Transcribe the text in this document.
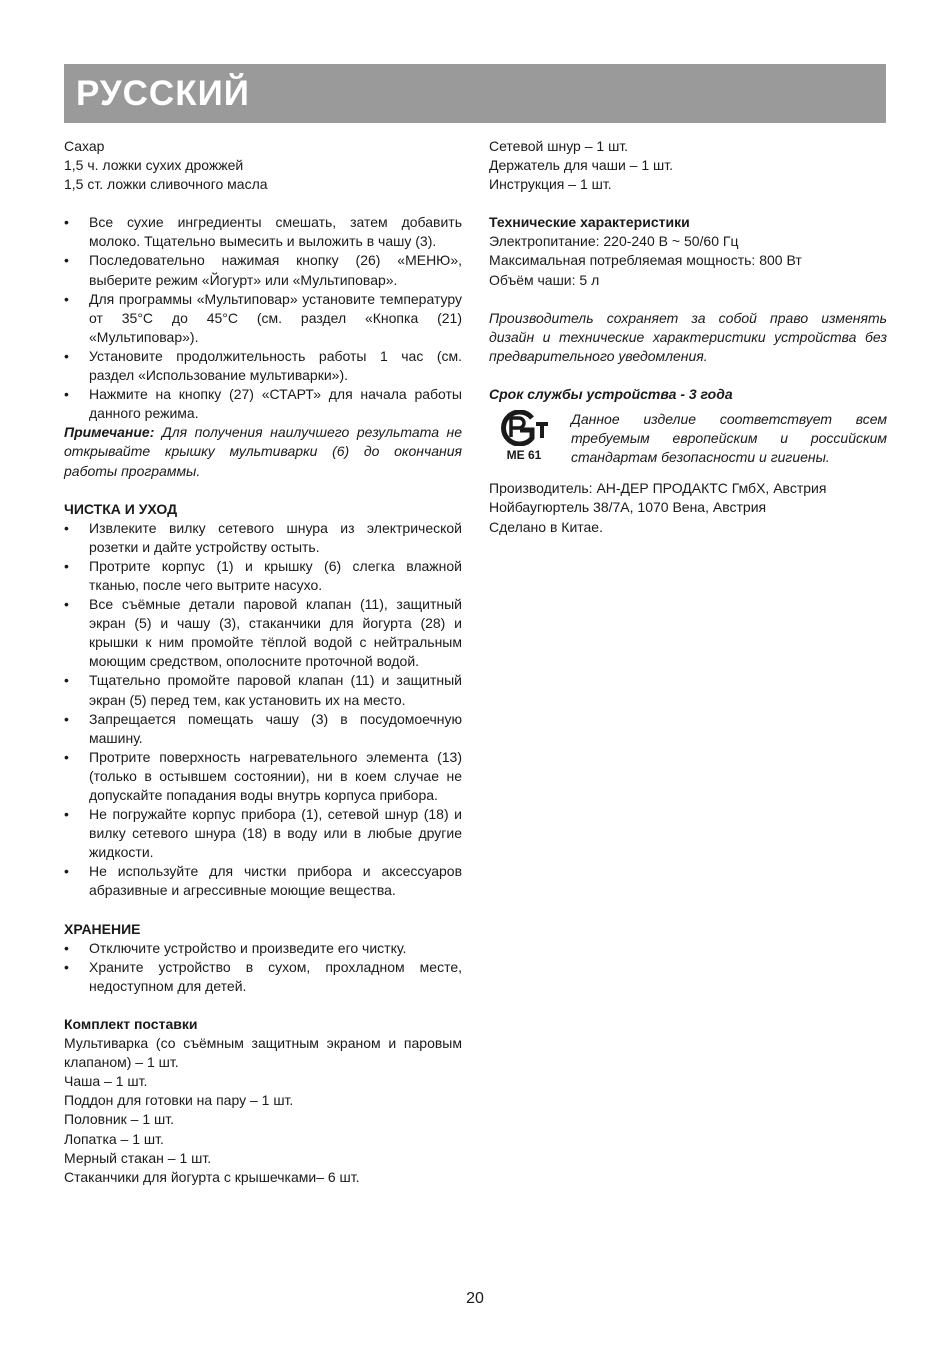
РУССКИЙ

Сахар

1,5 ч. ложки сухих дрожжей

1,5 ст. ложки сливочного масла

• Все сухие ингредиенты смешать, затем добавить молоко. Тщательно вымесить и выложить в чашу (3).

• Последовательно нажимая кнопку (26) «МЕНЮ», выберите режим «Йогурт» или «Мультиповар».

• Для программы «Мультиповар» установите температуру от 35°С до 45°С (см. раздел «Кнопка (21) «Мультиповар»).

• Установите продолжительность работы 1 час (см. раздел «Использование мультиварки»).

• Нажмите на кнопку (27) «СТАРТ» для начала работы данного режима.

Примечание: Для получения наилучшего результата не открывайте крышку мультиварки (6) до окончания работы программы.

ЧИСТКА И УХОД

• Извлеките вилку сетевого шнура из электрической розетки и дайте устройству остыть.

• Протрите корпус (1) и крышку (6) слегка влажной тканью, после чего вытрите насухо.

• Все съёмные детали паровой клапан (11), защитный экран (5) и чашу (3), стаканчики для йогурта (28) и крышки к ним промойте тёплой водой с нейтральным моющим средством, ополосните проточной водой.

• Тщательно промойте паровой клапан (11) и защитный экран (5) перед тем, как установить их на место.

• Запрещается помещать чашу (3) в посудомоечную машину.

• Протрите поверхность нагревательного элемента (13) (только в остывшем состоянии), ни в коем случае не допускайте попадания воды внутрь корпуса прибора.

• Не погружайте корпус прибора (1), сетевой шнур (18) и вилку сетевого шнура (18) в воду или в любые другие жидкости.

• Не используйте для чистки прибора и аксессуаров абразивные и агрессивные моющие вещества.

ХРАНЕНИЕ

• Отключите устройство и произведите его чистку.

• Храните устройство в сухом, прохладном месте, недоступном для детей.

Комплект поставки

Мультиварка (со съёмным защитным экраном и паровым клапаном) – 1 шт.

Чаша – 1 шт.

Поддон для готовки на пару – 1 шт.

Половник – 1 шт.

Лопатка – 1 шт.

Мерный стакан – 1 шт.

Стаканчики для йогурта с крышечками– 6 шт.

Сетевой шнур – 1 шт.

Держатель для чаши – 1 шт.

Инструкция – 1 шт.

Технические характеристики

Электропитание: 220-240 В ~ 50/60 Гц

Максимальная потребляемая мощность: 800 Вт

Объём чаши: 5 л

Производитель сохраняет за собой право изменять дизайн и технические характеристики устройства без предварительного уведомления.

Срок службы устройства - 3 года

МЕ 61

Данное изделие соответствует всем требуемым европейским и российским стандартам безопасности и гигиены.

Производитель: АН-ДЕР ПРОДАКТС ГмбХ, Австрия

Нойбаугюртель 38/7А, 1070 Вена, Австрия

Сделано в Китае.

20
